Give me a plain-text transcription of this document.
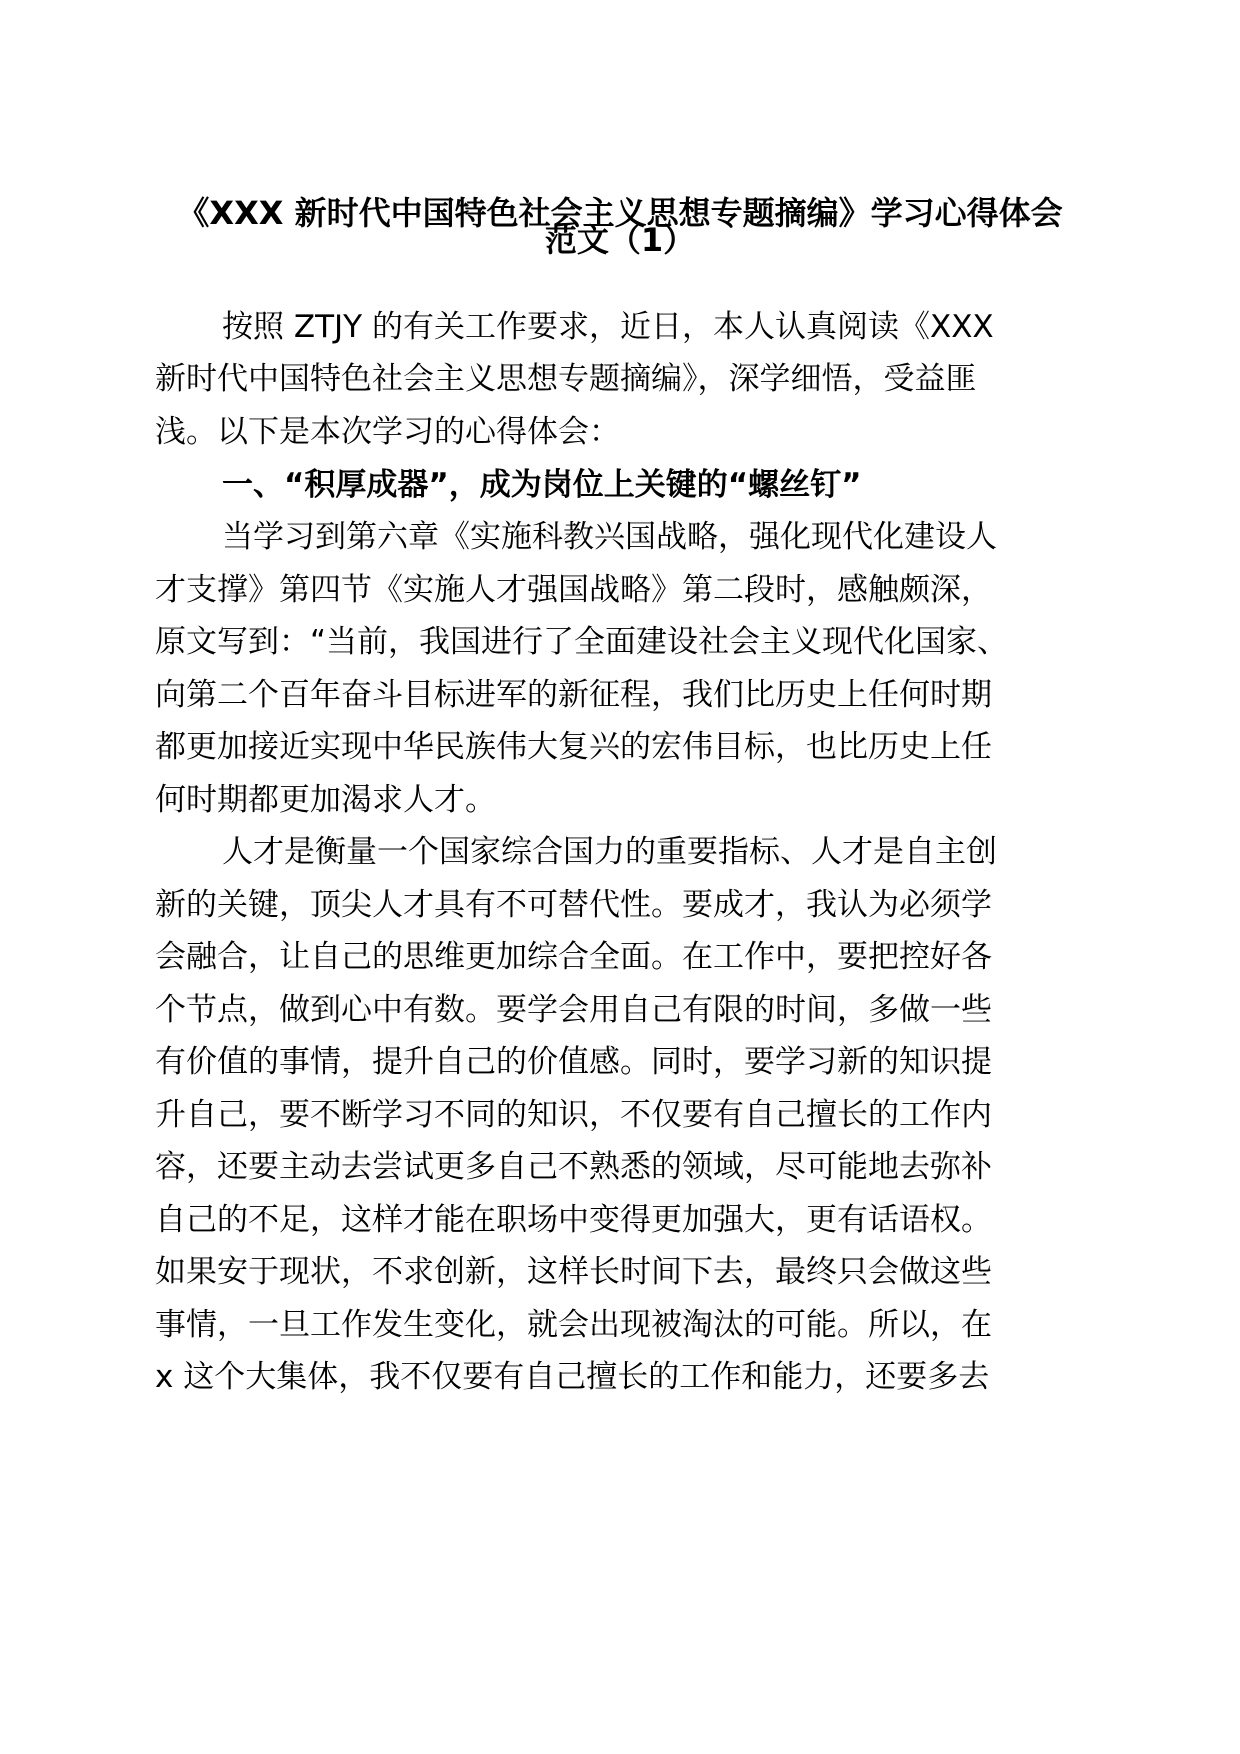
《XXX 新时代中国特色社会主义思想专题摘编》学习心得体会
范文（1）
按照 ZTJY 的有关工作要求，近日，本人认真阅读《XXX
新时代中国特色社会主义思想专题摘编》，深学细悟，受益匪
浅。以下是本次学习的心得体会：
一、“积厚成器”，成为岗位上关键的“螺丝钉”
当学习到第六章《实施科教兴国战略，强化现代化建设人
才支撑》第四节《实施人才强国战略》第二段时，感触颇深，
原文写到：“当前，我国进行了全面建设社会主义现代化国家、
向第二个百年奋斗目标进军的新征程，我们比历史上任何时期
都更加接近实现中华民族伟大复兴的宏伟目标，也比历史上任
何时期都更加渴求人才。
人才是衡量一个国家综合国力的重要指标、人才是自主创
新的关键，顶尖人才具有不可替代性。要成才，我认为必须学
会融合，让自己的思维更加综合全面。在工作中，要把控好各
个节点，做到心中有数。要学会用自己有限的时间，多做一些
有价值的事情，提升自己的价值感。同时，要学习新的知识提
升自己，要不断学习不同的知识，不仅要有自己擅长的工作内
容，还要主动去尝试更多自己不熟悉的领域，尽可能地去弥补
自己的不足，这样才能在职场中变得更加强大，更有话语权。
如果安于现状，不求创新，这样长时间下去，最终只会做这些
事情，一旦工作发生变化，就会出现被淘汰的可能。所以，在
x 这个大集体，我不仅要有自己擅长的工作和能力，还要多去
